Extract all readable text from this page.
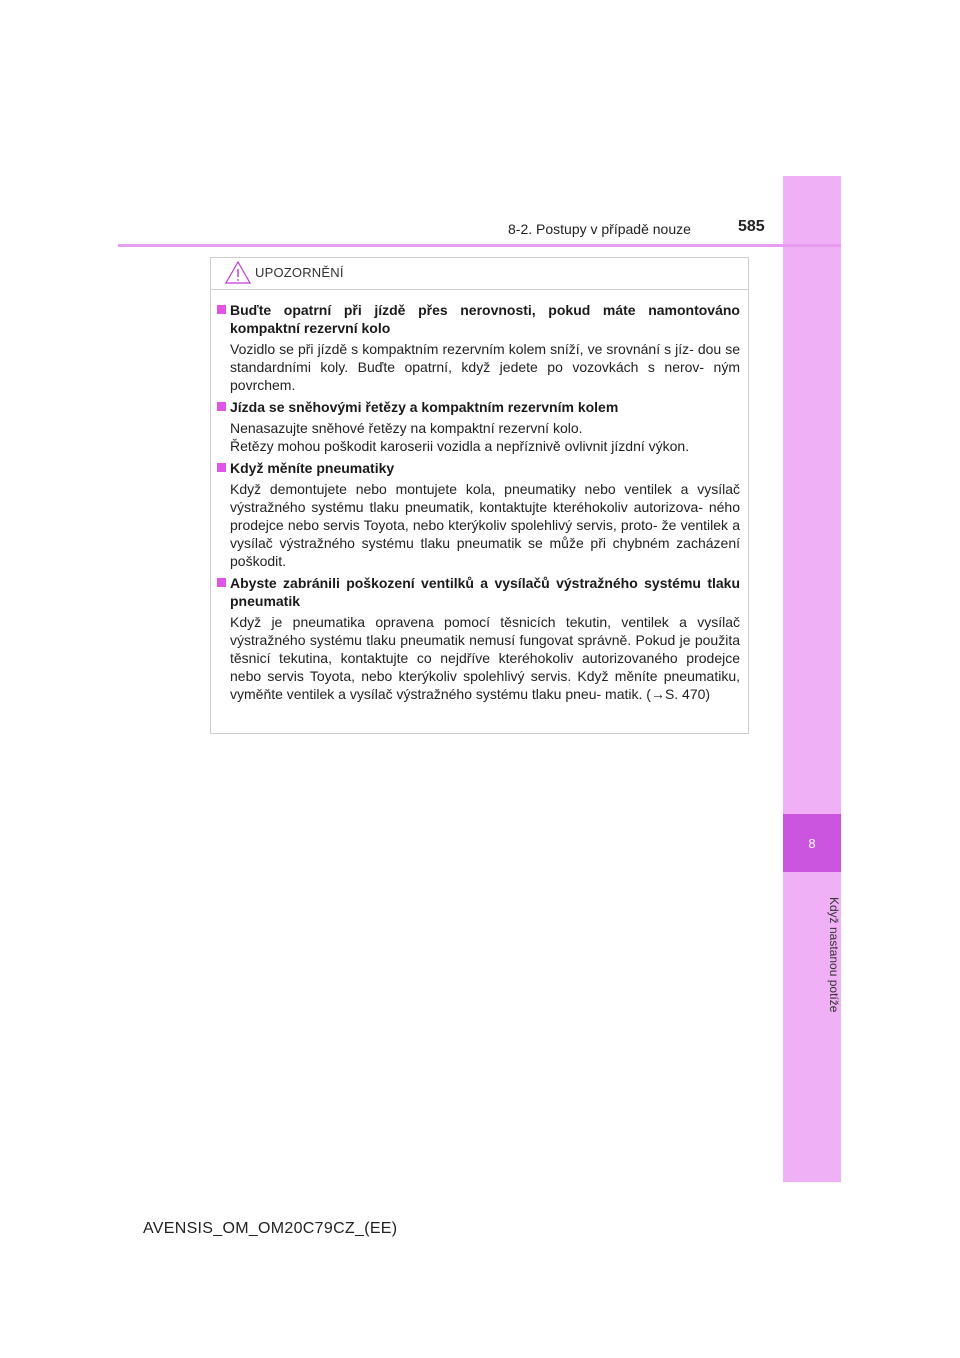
8
Když nastanou potíže
8-2. Postupy v případě nouze	585
UPOZORNĚNÍ
Buďte opatrní při jízdě přes nerovnosti, pokud máte namontováno kompaktní rezervní kolo
Vozidlo se při jízdě s kompaktním rezervním kolem sníží, ve srovnání s jíz- dou se standardními koly. Buďte opatrní, když jedete po vozovkách s nerov- ným povrchem.
Jízda se sněhovými řetězy a kompaktním rezervním kolem
Nenasazujte sněhové řetězy na kompaktní rezervní kolo.
Řetězy mohou poškodit karoserii vozidla a nepříznivě ovlivnit jízdní výkon.
Když měníte pneumatiky
Když demontujete nebo montujete kola, pneumatiky nebo ventilek a vysílač výstražného systému tlaku pneumatik, kontaktujte kteréhokoliv autorizova- ného prodejce nebo servis Toyota, nebo kterýkoliv spolehlivý servis, proto- že ventilek a vysílač výstražného systému tlaku pneumatik se může při chybném zacházení poškodit.
Abyste zabránili poškození ventilků a vysílačů výstražného systému tlaku pneumatik
Když je pneumatika opravena pomocí těsnicích tekutin, ventilek a vysílač výstražného systému tlaku pneumatik nemusí fungovat správně. Pokud je použita těsnicí tekutina, kontaktujte co nejdříve kteréhokoliv autorizovaného prodejce nebo servis Toyota, nebo kterýkoliv spolehlivý servis. Když měníte pneumatiku, vyměňte ventilek a vysílač výstražného systému tlaku pneu- matik. (→S. 470)
AVENSIS_OM_OM20C79CZ_(EE)
